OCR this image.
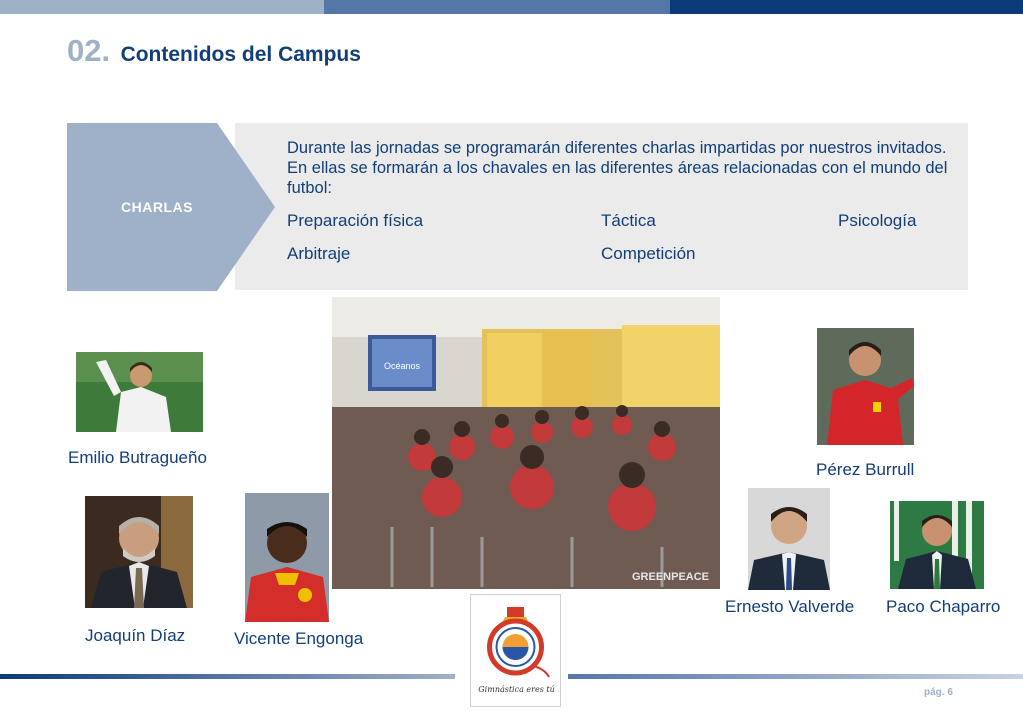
02. Contenidos del Campus
CHARLAS
Durante las jornadas se programarán diferentes charlas impartidas por nuestros invitados. En ellas se formarán a los chavales en las diferentes áreas relacionadas con el mundo del futbol:
Preparación física	Táctica	Psicología
Arbitraje	Competición
Océanos
GREENPEACE
Emilio Butragueño
Pérez Burrull
Joaquín Díaz	Vicente Engonga
Ernesto Valverde Paco Chaparro
Gimnástica eres tú	pág. 6
